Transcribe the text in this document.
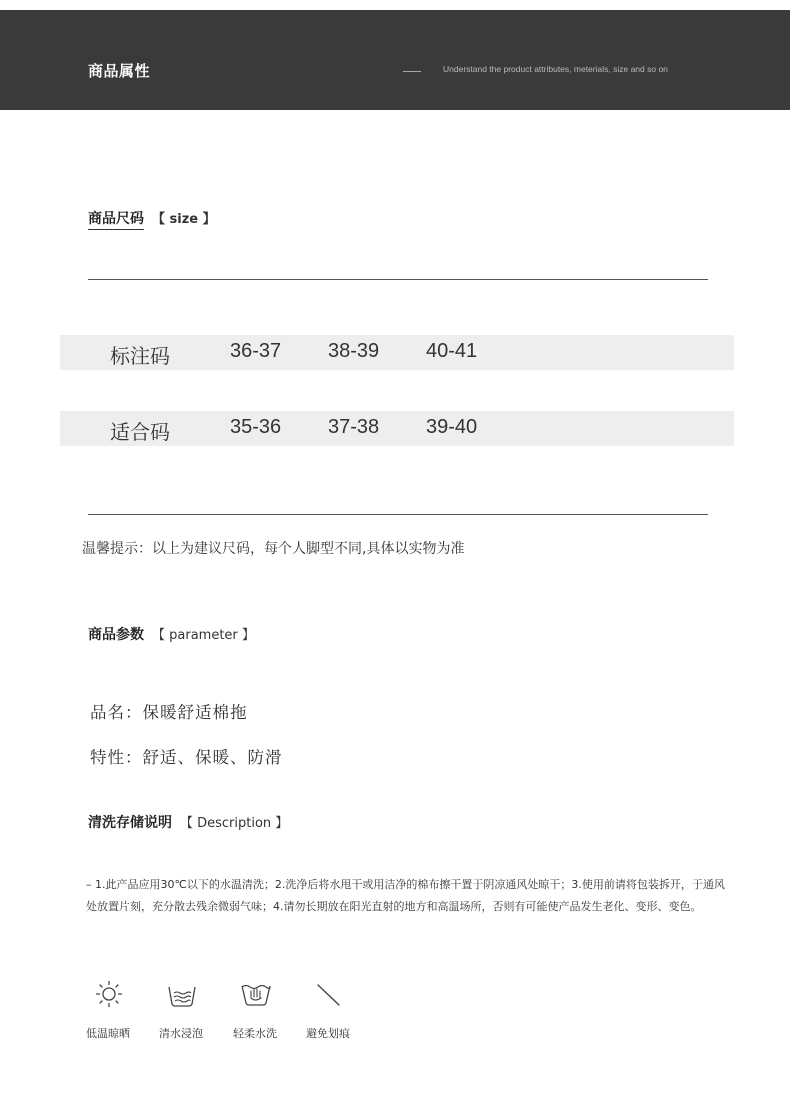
商品属性	Understand the product attributes, meterials, size and so on
商品尺码 【 size 】
标注码	36-37 38-39 40-41
适合码	35-36 37-38 39-40
温馨提示：以上为建议尺码，每个人脚型不同,具体以实物为准
商品参数 【 parameter 】
品名：保暖舒适棉拖
特性：舒适、保暖、防滑
清洗存储说明 【 Description 】
– 1.此产品应用30℃以下的水温清洗；2.洗净后将水甩干或用洁净的棉布擦干置于阴凉通风处晾干；3.使用前请将包装拆开，于通风处放置片刻，充分散去残余微弱气味；4.请勿长期放在阳光直射的地方和高温场所，否则有可能使产品发生老化、变形、变色。
低温晾晒	清水浸泡	轻柔水洗	避免划痕
